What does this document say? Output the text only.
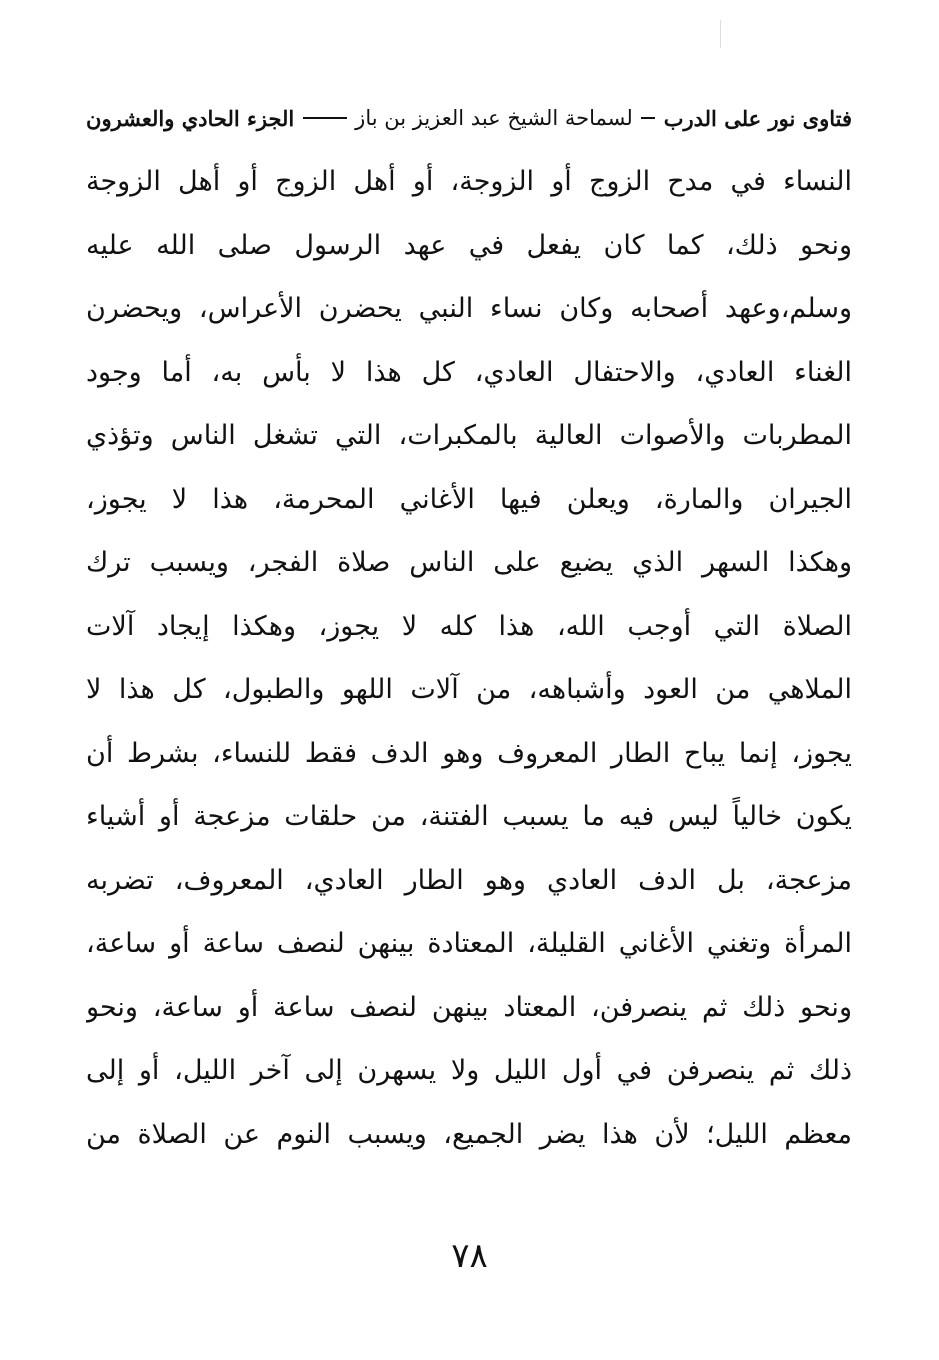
فتاوى نور على الدرب
لسماحة الشيخ عبد العزيز بن باز
الجزء الحادي والعشرون
النساء في مدح الزوج أو الزوجة، أو أهل الزوج أو أهل الزوجة
ونحو ذلك، كما كان يفعل في عهد الرسول صلى الله عليه
وسلم،وعهد أصحابه وكان نساء النبي يحضرن الأعراس، ويحضرن
الغناء العادي، والاحتفال العادي، كل هذا لا بأس به، أما وجود
المطربات والأصوات العالية بالمكبرات، التي تشغل الناس وتؤذي
الجيران والمارة، ويعلن فيها الأغاني المحرمة، هذا لا يجوز،
وهكذا السهر الذي يضيع على الناس صلاة الفجر، ويسبب ترك
الصلاة التي أوجب الله، هذا كله لا يجوز، وهكذا إيجاد آلات
الملاهي من العود وأشباهه، من آلات اللهو والطبول، كل هذا لا
يجوز، إنما يباح الطار المعروف وهو الدف فقط للنساء، بشرط أن
يكون خالياً ليس فيه ما يسبب الفتنة، من حلقات مزعجة أو أشياء
مزعجة، بل الدف العادي وهو الطار العادي، المعروف، تضربه
المرأة وتغني الأغاني القليلة، المعتادة بينهن لنصف ساعة أو ساعة،
ونحو ذلك ثم ينصرفن، المعتاد بينهن لنصف ساعة أو ساعة، ونحو
ذلك ثم ينصرفن في أول الليل ولا يسهرن إلى آخر الليل، أو إلى
معظم الليل؛ لأن هذا يضر الجميع، ويسبب النوم عن الصلاة من
٧٨
